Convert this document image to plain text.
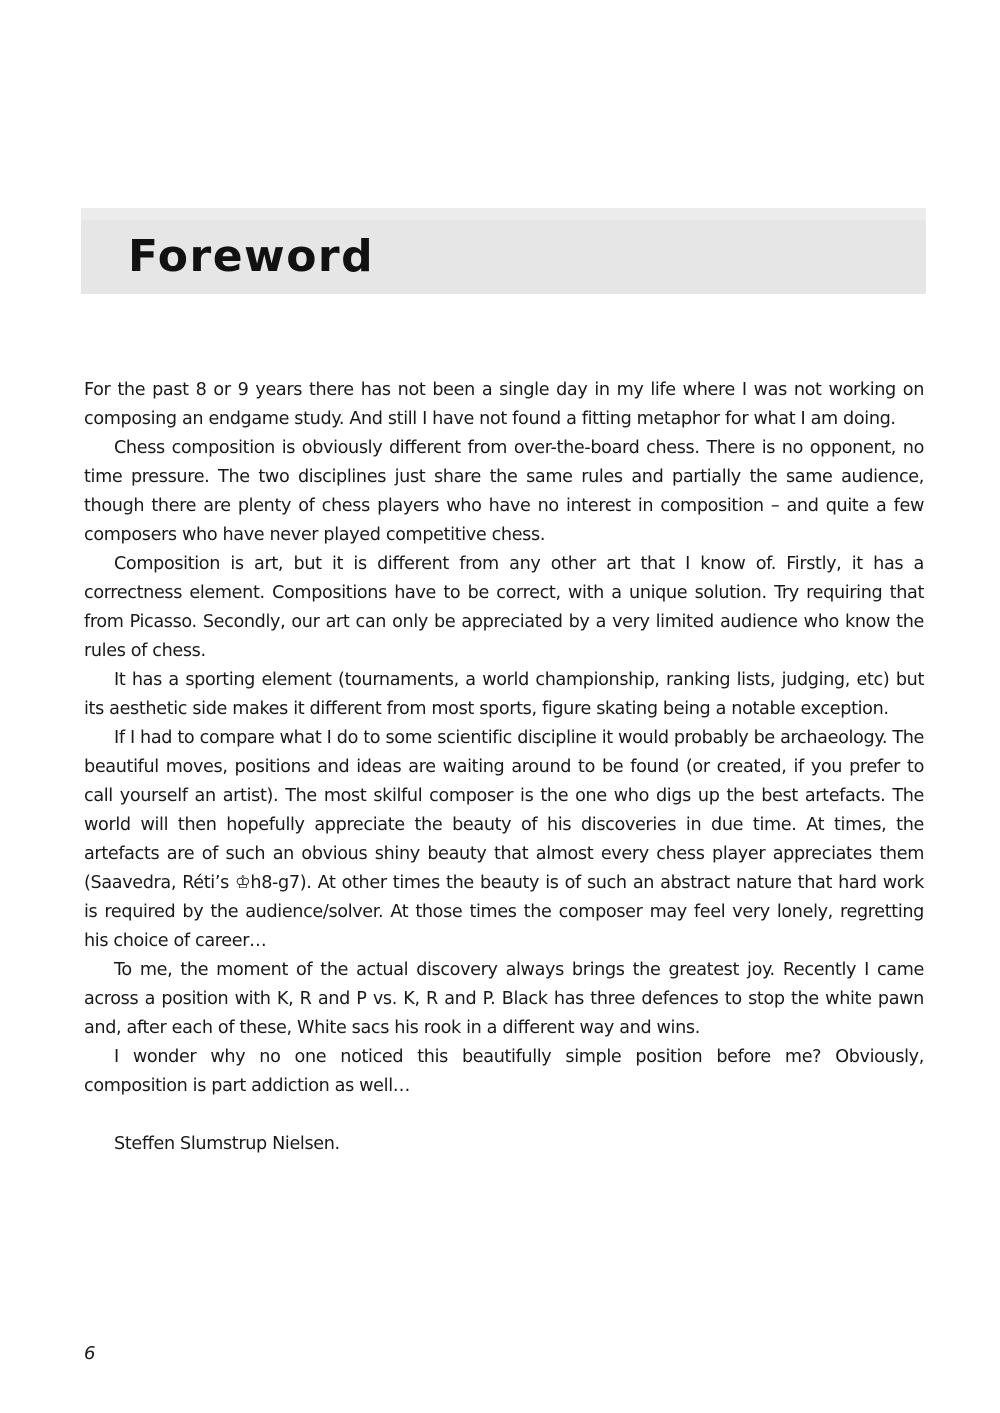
Foreword

For the past 8 or 9 years there has not been a single day in my life where I was not working on composing an endgame study. And still I have not found a fitting metaphor for what I am doing.

Chess composition is obviously different from over-the-board chess. There is no opponent, no time pressure. The two disciplines just share the same rules and partially the same audience, though there are plenty of chess players who have no interest in composition – and quite a few composers who have never played competitive chess.

Composition is art, but it is different from any other art that I know of. Firstly, it has a correctness element. Compositions have to be correct, with a unique solution. Try requiring that from Picasso. Secondly, our art can only be appreciated by a very limited audience who know the rules of chess.

It has a sporting element (tournaments, a world championship, ranking lists, judging, etc) but its aesthetic side makes it different from most sports, figure skating being a notable exception.

If I had to compare what I do to some scientific discipline it would probably be archaeology. The beautiful moves, positions and ideas are waiting around to be found (or created, if you prefer to call yourself an artist). The most skilful composer is the one who digs up the best artefacts. The world will then hopefully appreciate the beauty of his discoveries in due time. At times, the artefacts are of such an obvious shiny beauty that almost every chess player appreciates them (Saavedra, Réti’s ♔h8-g7). At other times the beauty is of such an abstract nature that hard work is required by the audience/solver. At those times the composer may feel very lonely, regretting his choice of career…

To me, the moment of the actual discovery always brings the greatest joy. Recently I came across a position with K, R and P vs. K, R and P. Black has three defences to stop the white pawn and, after each of these, White sacs his rook in a different way and wins.

I wonder why no one noticed this beautifully simple position before me? Obviously, composition is part addiction as well…

Steffen Slumstrup Nielsen.

6
